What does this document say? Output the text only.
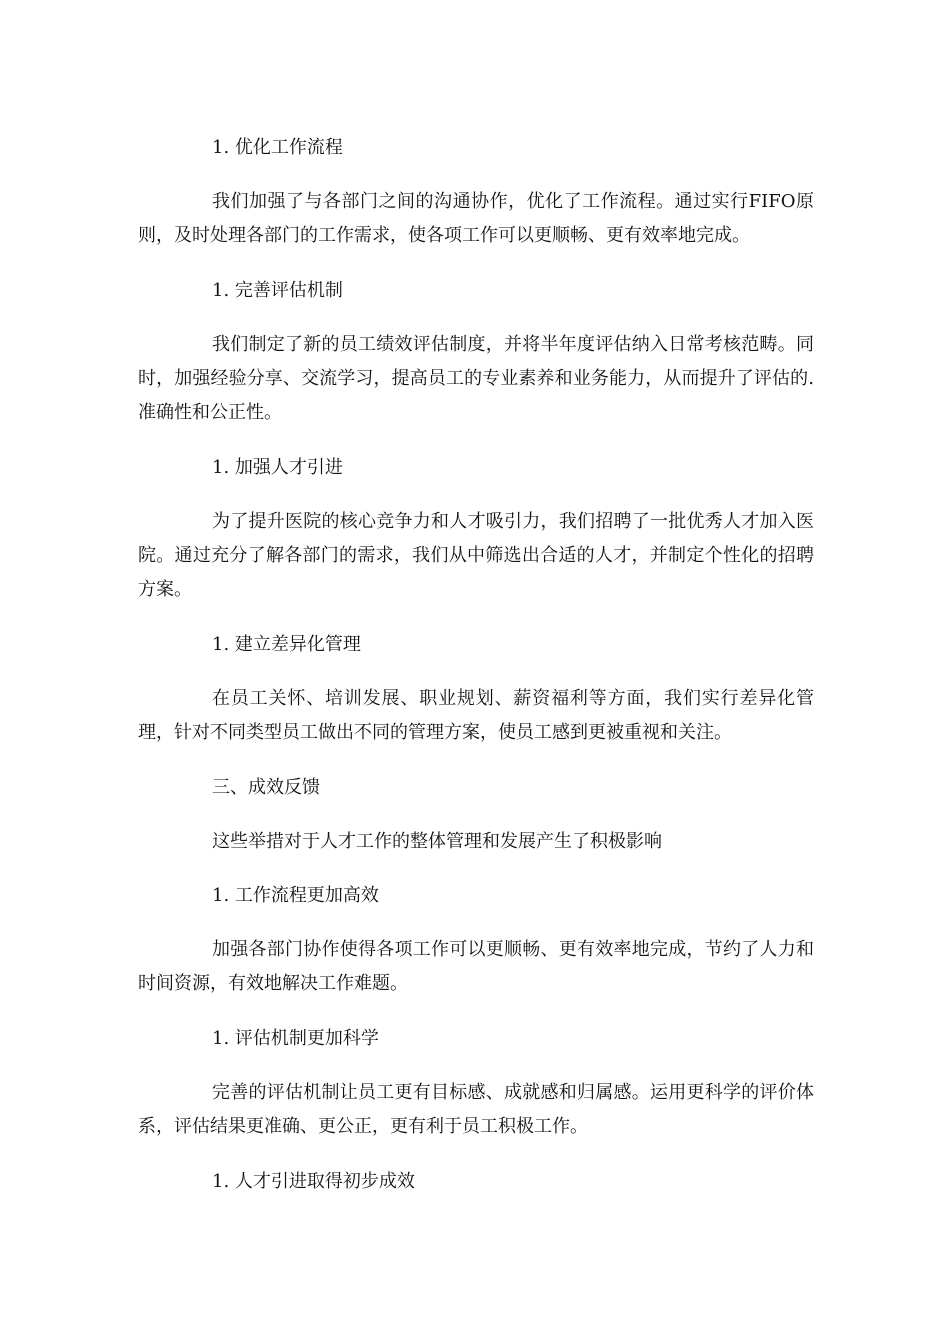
1. 优化工作流程

我们加强了与各部门之间的沟通协作，优化了工作流程。通过实行FIFO原则，及时处理各部门的工作需求，使各项工作可以更顺畅、更有效率地完成。

1. 完善评估机制

我们制定了新的员工绩效评估制度，并将半年度评估纳入日常考核范畴。同时，加强经验分享、交流学习，提高员工的专业素养和业务能力，从而提升了评估的.准确性和公正性。

1. 加强人才引进

为了提升医院的核心竞争力和人才吸引力，我们招聘了一批优秀人才加入医院。通过充分了解各部门的需求，我们从中筛选出合适的人才，并制定个性化的招聘方案。

1. 建立差异化管理

在员工关怀、培训发展、职业规划、薪资福利等方面，我们实行差异化管理，针对不同类型员工做出不同的管理方案，使员工感到更被重视和关注。

三、成效反馈

这些举措对于人才工作的整体管理和发展产生了积极影响

1. 工作流程更加高效

加强各部门协作使得各项工作可以更顺畅、更有效率地完成，节约了人力和时间资源，有效地解决工作难题。

1. 评估机制更加科学

完善的评估机制让员工更有目标感、成就感和归属感。运用更科学的评价体系，评估结果更准确、更公正，更有利于员工积极工作。

1. 人才引进取得初步成效
